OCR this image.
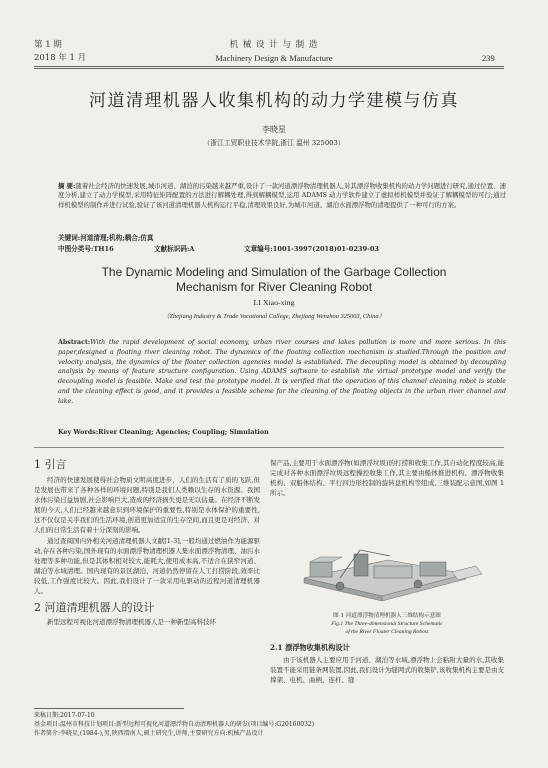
第 1 期
2018 年 1 月
机 械 设 计 与 制 造
Machinery Design & Manufacture	239
河道清理机器人收集机构的动力学建模与仿真
李晓星
（浙江工贸职业技术学院,浙江 温州 325003）
摘 要:随着社会经济的快速发展,城市河道、湖泊的污染越来越严重,设计了一款河道漂浮物清理机器人,对其漂浮物收集机构的动力学问题进行研究,通过位置、速度分析,建立了动力学模型,采用特征矩阵配置的方法进行解耦处理,得到解耦模型,运用 ADAMS 动力学软件建立了虚拟样机模型并验证了解耦模型的可行;通过样机模型的制作并进行试验,验证了该河道清理机器人机构运行平稳,清理效果良好,为城市河道、湖泊水面漂浮物的清理提供了一种可行的方案。
关键词:河道清理;机构;耦合;仿真
中图分类号:TH16	文献标识码:A	文章编号:1001-3997(2018)01-0239-03
The Dynamic Modeling and Simulation of the Garbage Collection
Mechanism for River Cleaning Robot
LI Xiao-xing
（Zhejiang Industry & Trade Vocational College, Zhejiang Wenzhou 325003, China）
Abstract:With the rapid development of social economy, urban river courses and lakes pollution is more and more serious. In this paper,designed a floating river cleaning robot. The dynamics of the floating collection mechanism is studied.Through the position and velocity analysis, the dynamics of the floater collection agencies model is established. The decoupling model is obtained by decoupling analysis by means of feature structure configuration. Using ADAMS software to establish the virtual prototype model and verify the decoupling model is feasible. Make and test the prototype model. It is verified that the operation of this channel cleaning robot is stable and the cleaning effect is good, and it provides a feasible scheme for the cleaning of the floating objects in the urban river channel and lake.
Key Words:River Cleaning; Agencies; Coupling; Simulation
1 引言

经济的快速发展使得社会物质文明高度进步，人们的生活有了质的飞跃,但是发展也带来了各种各样的环境问题,特别是我们人类赖以生存的水资源。我国水体污染日益加剧,社会影响巨大,造成的经济损失更是无以估量。在经济不断发展的今天,人们已经越来越意识到环境保护的重要性,特别是水体保护的重要性,这不仅仅是关乎我们的生活环境,创造更加适宜的生存空间,而且更是对经济、对人们的日常生活有着十分深刻的影响。

通过查阅国内外相关河道清理机器人文献[1-3],一般均通过燃油作为能源驱动,存在各种污染,国外现有的水面漂浮物清理机器人集水面漂浮物清理、油污水处理等多种功能,但是其体积相对较大,能耗大,使用成本高,不适合在狭窄河道、湖泊等水域清理。国内现有的景区湖泊、河道仍然停留在人工打捞阶段,效率比较低,工作强度比较大。因此,我们设计了一款采用电驱动的近程河道清理机器人。

2 河道清理机器人的设计

新型远程可视化河道漂浮物清理机器人是一种新型高科技环

保产品,主要用于水面漂浮物(如漂浮垃圾)的打捞和收集工作,其自动化程度较高,能完成对各种水面漂浮垃圾远程操控收集工作,其主要由船体推进机构、漂浮物收集机构、双船体结构、平行四边形控制的旋转盘机构等组成,三维装配示意图,如图 1 所示。

图 1 河道漂浮物清理机器人三维结构示意图
Fig.1 The Three-dimensional Structure Schematic
of the River Floater Cleaning Robots
2.1 漂浮物收集机构设计

由于该机器人主要应用于河道、湖泊等水域,漂浮物上会粘附大量的水,其收集装置不能采用链条网装置,因此,我们设计为缝网式的收集铲,该收集机构主要是由支撑架、电机、曲柄、连杆、缝

来稿日期:2017-07-10
基金项目:温州市科技计划项目:新型远程可视化河道漂浮物自动清理机器人的研发(项目编号:G20160032)
作者简介:李晓星,(1984-),男,陕西渭南人,硕士研究生,讲师,主要研究方向:机械产品设计
